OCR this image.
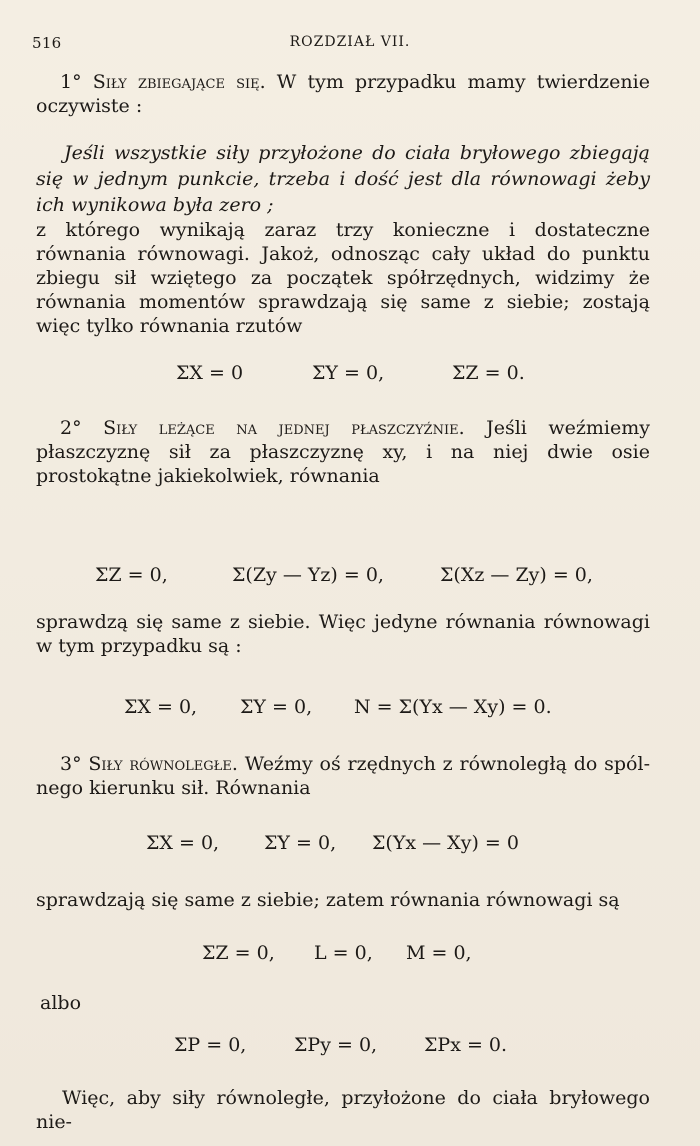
516	ROZDZIAŁ VII.
1° Siły zbiegające się. W tym przypadku mamy twierdzenie oczywiste :
Jeśli wszystkie siły przyłożone do ciała bryłowego zbiegają się w jednym punkcie, trzeba i dość jest dla równowagi żeby ich wynikowa była zero ;
z którego wynikają zaraz trzy konieczne i dostateczne równania równowagi. Jakoż, odnosząc cały układ do punktu zbiegu sił wziętego za początek spółrzędnych, widzimy że równania momentów sprawdzają się same z siebie; zostają więc tylko równania rzutów
ΣX = 0	ΣY = 0,	ΣZ = 0.
2° Siły leżące na jednej płaszczyźnie. Jeśli weźmiemy płaszczyznę sił za płaszczyznę xy, i na niej dwie osie prostokątne jakiekolwiek, równania
ΣZ = 0,	Σ(Zy — Yz) = 0,	Σ(Xz — Zy) = 0,
sprawdzą się same z siebie. Więc jedyne równania równowagi w tym przypadku są :
ΣX = 0, ΣY = 0, N = Σ(Yx — Xy) = 0.
3° Siły równoległe. Weźmy oś rzędnych z równoległą do spólnego kierunku sił. Równania
ΣX = 0, ΣY = 0, Σ(Yx — Xy) = 0
sprawdzają się same z siebie; zatem równania równowagi są
ΣZ = 0, L = 0, M = 0,
albo
ΣP = 0,	ΣPy = 0, ΣPx = 0.
Więc, aby siły równoległe, przyłożone do ciała bryłowego nie-
